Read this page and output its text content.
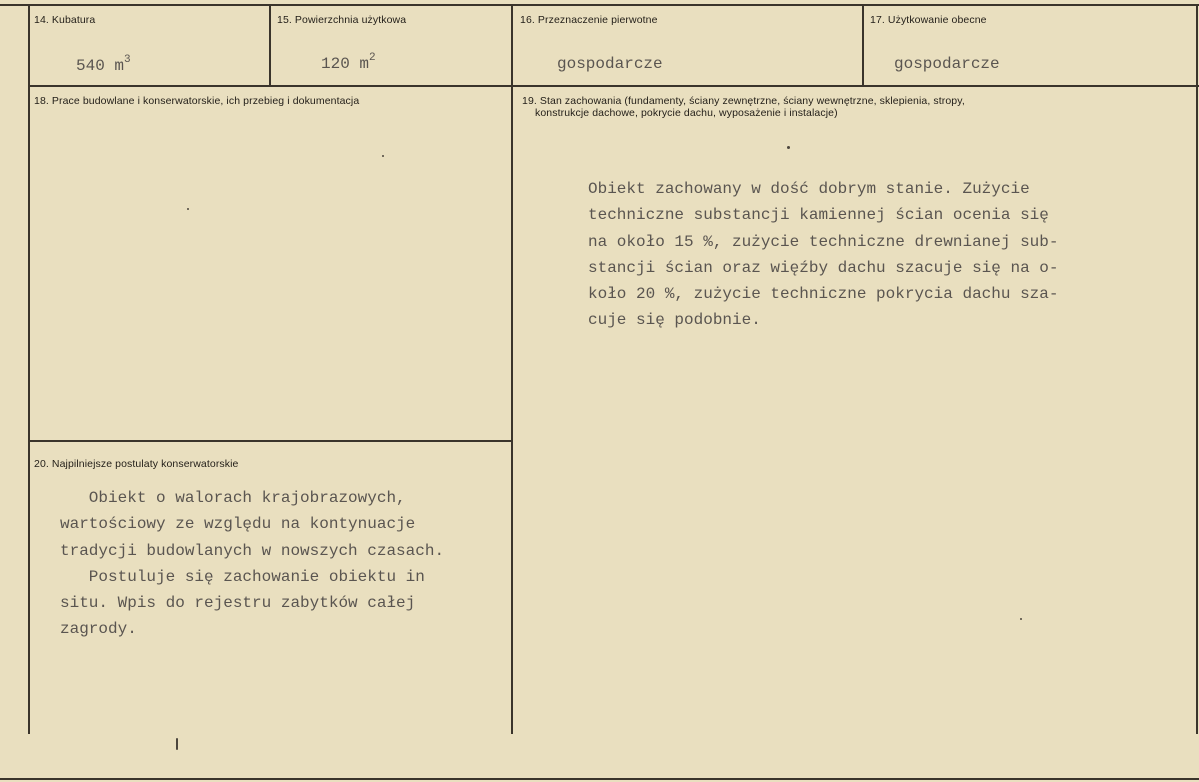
14. Kubatura
540 $m^3$
15. Powierzchnia użytkowa
120 $m^2$
16. Przeznaczenie pierwotne
gospodarcze
17. Użytkowanie obecne
gospodarcze
18. Prace budowlane i konserwatorskie, ich przebieg i dokumentacja	19. Stan zachowania (fundamenty, ściany zewnętrzne, ściany wewnętrzne, sklepienia, stropy,
konstrukcje dachowe, pokrycie dachu, wyposażenie i instalacje)
Obiekt zachowany w dość dobrym stanie. Zużycie
techniczne substancji kamiennej ścian ocenia się
na około 15 %, zużycie techniczne drewnianej sub-
stancji ścian oraz więźby dachu szacuje się na o-
koło 20 %, zużycie techniczne pokrycia dachu sza-
cuje się podobnie.
20. Najpilniejsze postulaty konserwatorskie
Obiekt o walorach krajobrazowych,
wartościowy ze względu na kontynuacje
tradycji budowlanych w nowszych czasach.
Postuluje się zachowanie obiektu in
situ. Wpis do rejestru zabytków całej
zagrody.
